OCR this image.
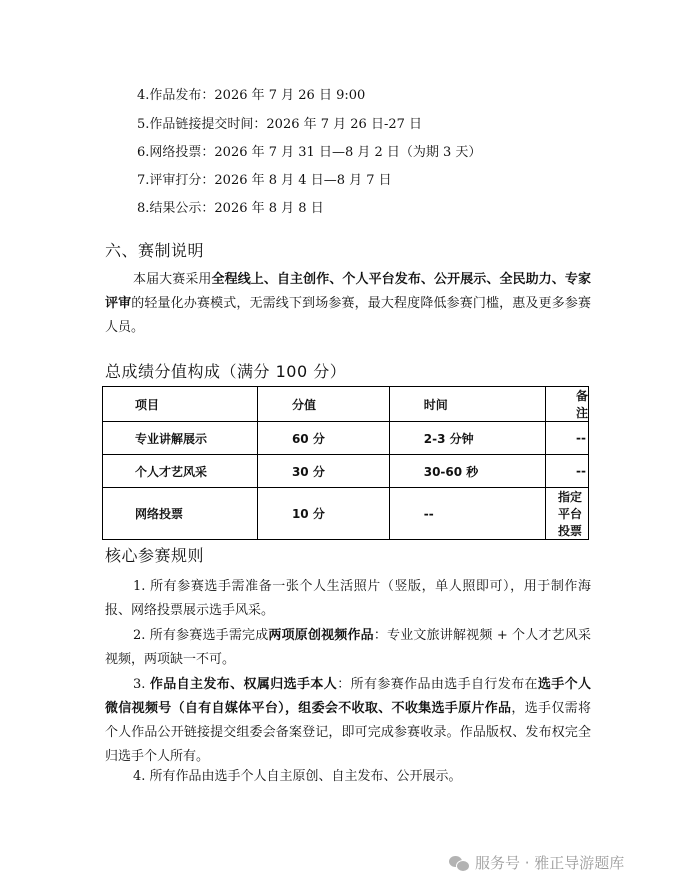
4.作品发布：2026 年 7 月 26 日 9:00
5.作品链接提交时间：2026 年 7 月 26 日-27 日
6.网络投票：2026 年 7 月 31 日—8 月 2 日（为期 3 天）
7.评审打分：2026 年 8 月 4 日—8 月 7 日
8.结果公示：2026 年 8 月 8 日
六、赛制说明
本届大赛采用全程线上、自主创作、个人平台发布、公开展示、全民助力、专家评审的轻量化办赛模式，无需线下到场参赛，最大程度降低参赛门槛，惠及更多参赛人员。
总成绩分值构成（满分 100 分）
项目	分值	时间	备注
专业讲解展示	60 分	2-3 分钟	--
个人才艺风采	30 分	30-60 秒	--
网络投票	10 分	--	指定平台投票
核心参赛规则
1. 所有参赛选手需准备一张个人生活照片（竖版，单人照即可），用于制作海报、网络投票展示选手风采。
2. 所有参赛选手需完成两项原创视频作品：专业文旅讲解视频 + 个人才艺风采视频，两项缺一不可。
3. 作品自主发布、权属归选手本人：所有参赛作品由选手自行发布在选手个人微信视频号（自有自媒体平台），组委会不收取、不收集选手原片作品，选手仅需将个人作品公开链接提交组委会备案登记，即可完成参赛收录。作品版权、发布权完全归选手个人所有。
4. 所有作品由选手个人自主原创、自主发布、公开展示。
服务号 · 雅正导游题库
